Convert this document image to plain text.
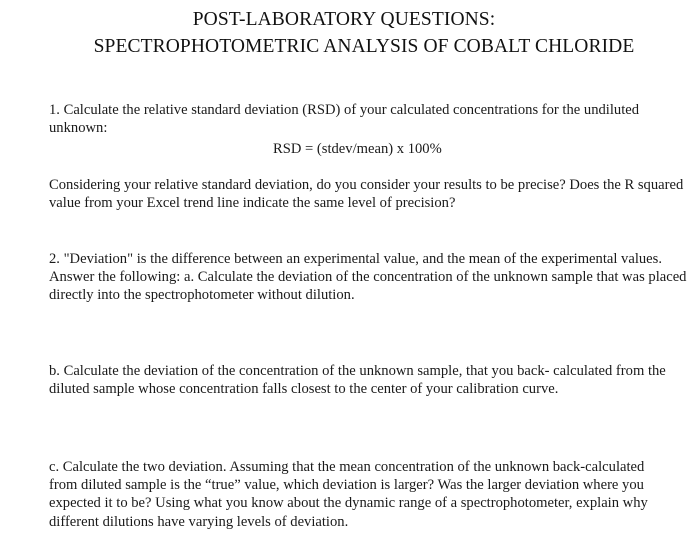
POST-LABORATORY QUESTIONS:
SPECTROPHOTOMETRIC ANALYSIS OF COBALT CHLORIDE
1. Calculate the relative standard deviation (RSD) of your calculated concentrations for the undiluted unknown:
RSD = (stdev/mean) x 100%
Considering your relative standard deviation, do you consider your results to be precise? Does the R squared value from your Excel trend line indicate the same level of precision?
2. "Deviation" is the difference between an experimental value, and the mean of the experimental values. Answer the following: a. Calculate the deviation of the concentration of the unknown sample that was placed directly into the spectrophotometer without dilution.
b. Calculate the deviation of the concentration of the unknown sample, that you back- calculated from the diluted sample whose concentration falls closest to the center of your calibration curve.
c. Calculate the two deviation. Assuming that the mean concentration of the unknown back-calculated from diluted sample is the “true” value, which deviation is larger? Was the larger deviation where you expected it to be? Using what you know about the dynamic range of a spectrophotometer, explain why different dilutions have varying levels of deviation.
